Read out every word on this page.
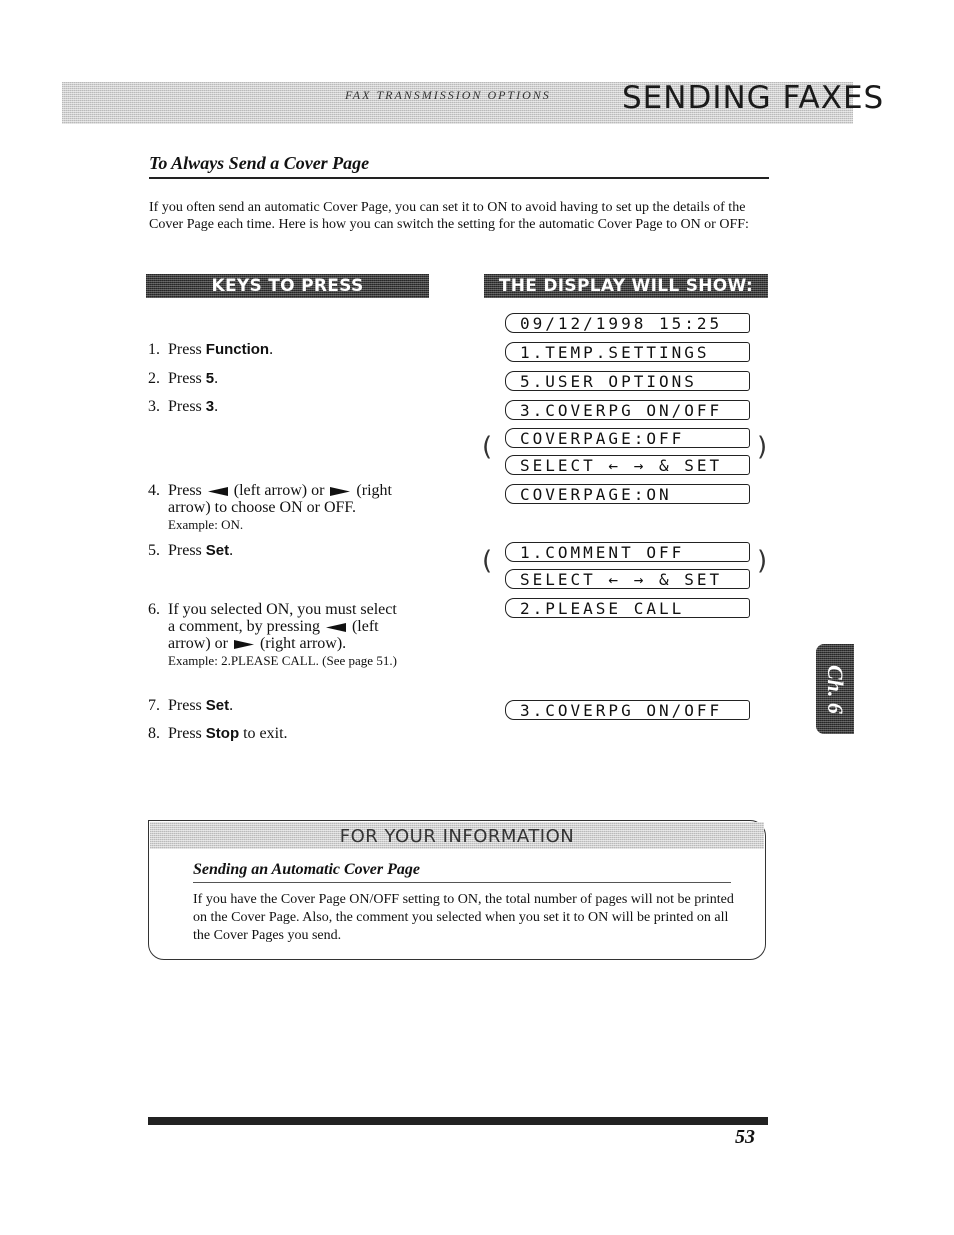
FAX TRANSMISSION OPTIONS SENDING FAXES
To Always Send a Cover Page
If you often send an automatic Cover Page, you can set it to ON to avoid having to set up the details of the Cover Page each time. Here is how you can switch the setting for the automatic Cover Page to ON or OFF:
KEYS TO PRESS	THE DISPLAY WILL SHOW:
1. Press Function.
2. Press 5.
3. Press 3.
4. Press
(left arrow) or
(right
arrow) to choose ON or OFF.
Example: ON.
5. Press Set.
6. If you selected ON, you must select
a comment, by pressing
(left
arrow) or
(right arrow).
Example: 2.PLEASE CALL. (See page 51.)
7. Press Set.
8. Press Stop to exit.
09/12/1998 15:25
1.TEMP.SETTINGS
5.USER OPTIONS
3.COVERPG ON/OFF
COVERPAGE:OFF
SELECT ← → & SET
(	)
COVERPAGE:ON
1.COMMENT OFF
SELECT ← → & SET
(	)
2.PLEASE CALL
3.COVERPG ON/OFF	Ch. 6
FOR YOUR INFORMATION
Sending an Automatic Cover Page
If you have the Cover Page ON/OFF setting to ON, the total number of pages will not be printed on the Cover Page. Also, the comment you selected when you set it to ON will be printed on all the Cover Pages you send.
53
